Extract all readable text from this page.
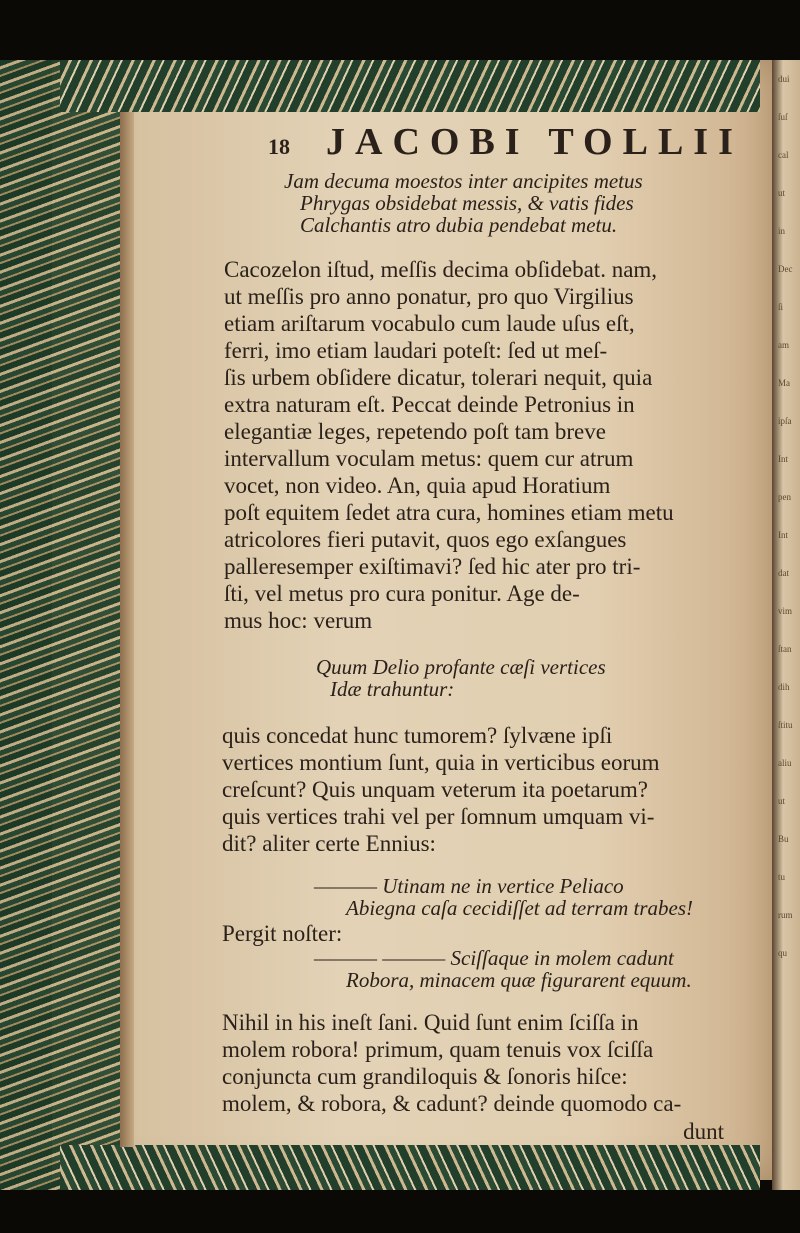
dui
ſuſ
cal
ut
in
Dec
ſi
am
Ma
ipſa
Int
pen
Int
dat
vim
ſtan
dih
ſtitu
aliu
ut
Bu
tu
rum
qu
18 JACOBI TOLLII
Jam decuma moestos inter ancipites metus
Phrygas obsidebat messis, & vatis fides
Calchantis atro dubia pendebat metu.
Cacozelon iſtud, meſſis decima obſidebat. nam,
ut meſſis pro anno ponatur, pro quo Virgilius
etiam ariſtarum vocabulo cum laude uſus eſt,
ferri, imo etiam laudari poteſt: ſed ut meſ-
ſis urbem obſidere dicatur, tolerari nequit, quia
extra naturam eſt. Peccat deinde Petronius in
elegantiæ leges, repetendo poſt tam breve
intervallum voculam metus: quem cur atrum
vocet, non video. An, quia apud Horatium
poſt equitem ſedet atra cura, homines etiam metu
atricolores fieri putavit, quos ego exſangues
palleresemper exiſtimavi? ſed hic ater pro tri-
ſti, vel metus pro cura ponitur. Age de-
mus hoc: verum
Quum Delio profante cæſi vertices
Idæ trahuntur:
quis concedat hunc tumorem? ſylvæne ipſi
vertices montium ſunt, quia in verticibus eorum
creſcunt? Quis unquam veterum ita poetarum?
quis vertices trahi vel per ſomnum umquam vi-
dit? aliter certe Ennius:
——— Utinam ne in vertice Peliaco
Abiegna caſa cecidiſſet ad terram trabes!
Pergit noſter:
——— ——— Sciſſaque in molem cadunt
Robora, minacem quæ figurarent equum.
Nihil in his ineſt ſani. Quid ſunt enim ſciſſa in
molem robora! primum, quam tenuis vox ſciſſa
conjuncta cum grandiloquis & ſonoris hiſce:
molem, & robora, & cadunt? deinde quomodo ca-
dunt
